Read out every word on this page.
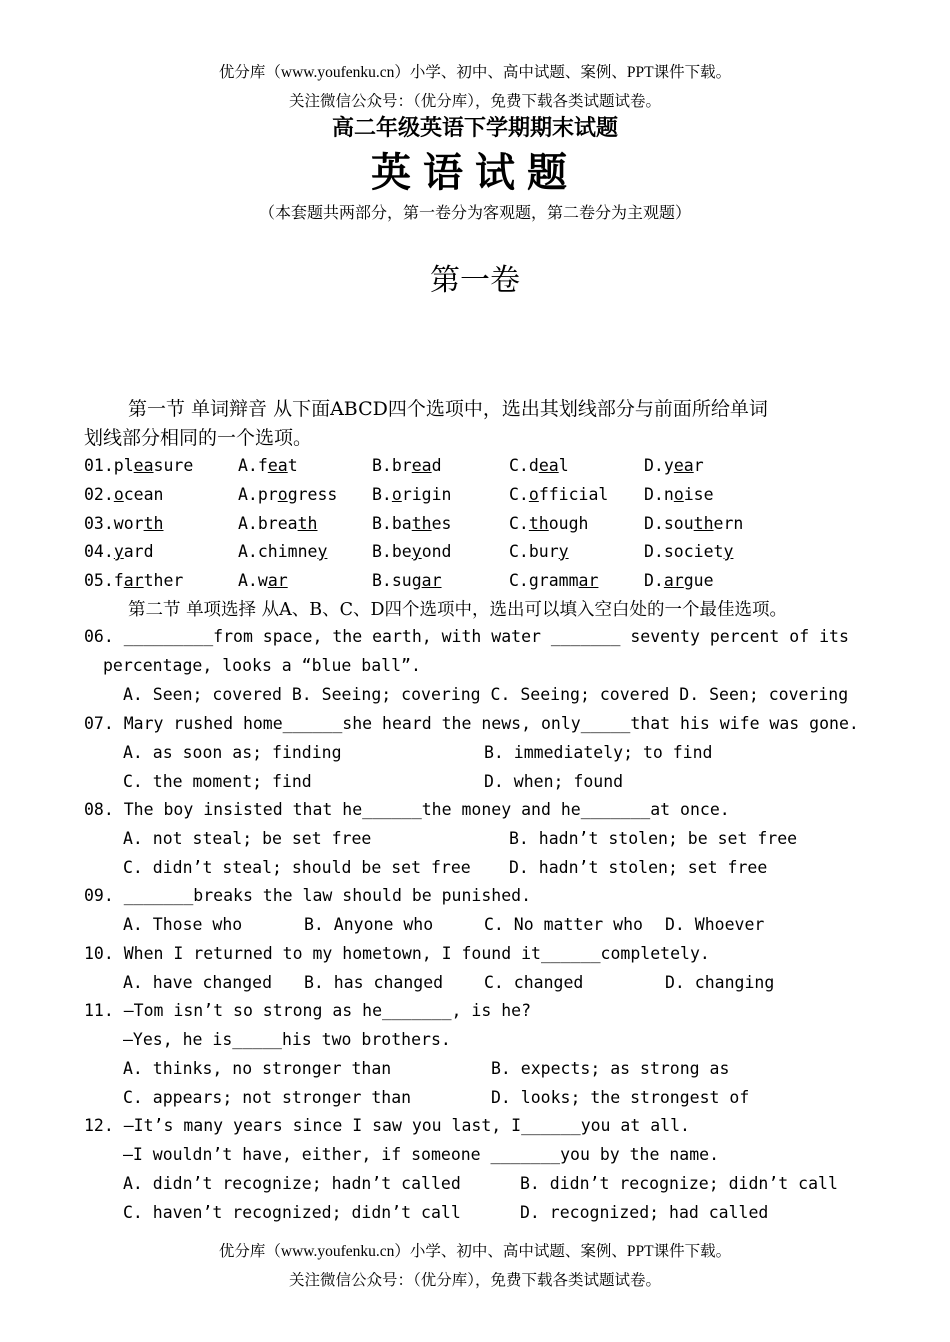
优分库（www.youfenku.cn）小学、初中、高中试题、案例、PPT课件下载。
关注微信公众号：（优分库），免费下载各类试题试卷。
高二年级英语下学期期末试题
英语试题
（本套题共两部分，第一卷分为客观题，第二卷分为主观题）
第一卷
第一节 单词辩音 从下面ABCD四个选项中，选出其划线部分与前面所给单词
划线部分相同的一个选项。
01.pleasure	A.feat	B.bread	C.deal	D.year
02.ocean	A.progress B.origin	C.official D.noise
03.worth	A.breath	B.bathes	C.though	D.southern
04.yard	A.chimney	B.beyond	C.bury	D.society
05.farther	A.war	B.sugar	C.grammar	D.argue
第二节 单项选择 从A、B、C、D四个选项中，选出可以填入空白处的一个最佳选项。
06. _________from space, the earth, with water _______ seventy percent of its
percentage, looks a “blue ball”.
A. Seen; covered B. Seeing; covering C. Seeing; covered D. Seen; covering
07. Mary rushed home______she heard the news, only_____that his wife was gone.
A. as soon as; finding	B. immediately; to find
C. the moment; find	D. when; found
08. The boy insisted that he______the money and he_______at once.
A. not steal; be set free	B. hadn’t stolen; be set free
C. didn’t steal; should be set free D. hadn’t stolen; set free
09. _______breaks the law should be punished.
A. Those who	B. Anyone who	C. No matter who D. Whoever
10. When I returned to my hometown, I found it______completely.
A. have changed B. has changed C. changed	D. changing
11. —Tom isn’t so strong as he_______, is he?
—Yes, he is_____his two brothers.
A. thinks, no stronger than	B. expects; as strong as
C. appears; not stronger than	D. looks; the strongest of
12. —It’s many years since I saw you last, I______you at all.
—I wouldn’t have, either, if someone _______you by the name.
A. didn’t recognize; hadn’t called	B. didn’t recognize; didn’t call
C. haven’t recognized; didn’t call	D. recognized; had called
优分库（www.youfenku.cn）小学、初中、高中试题、案例、PPT课件下载。
关注微信公众号：（优分库），免费下载各类试题试卷。
